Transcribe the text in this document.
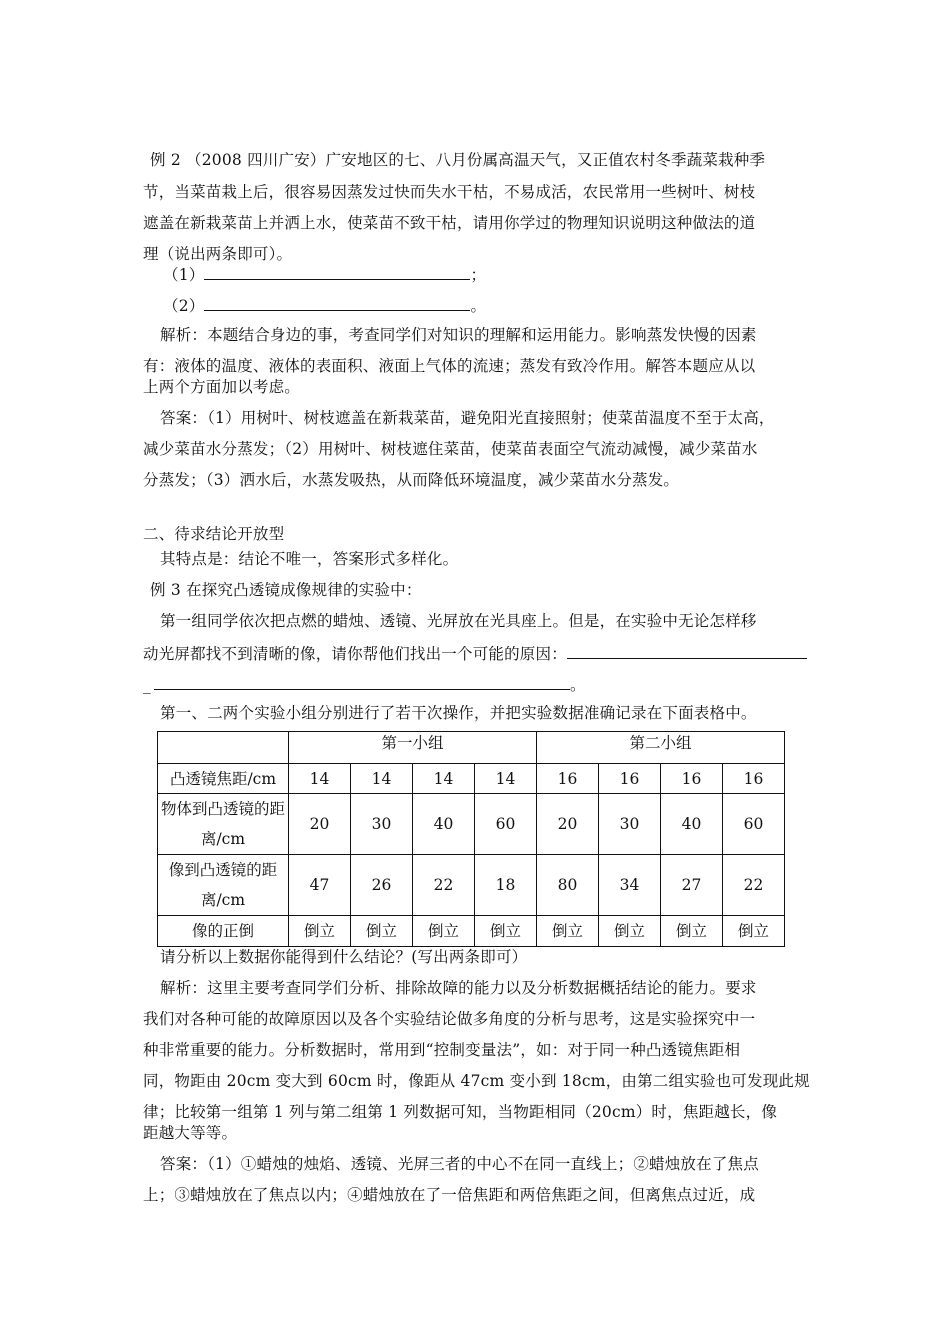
例 2 （2008 四川广安）广安地区的七、八月份属高温天气，又正值农村冬季蔬菜栽种季
节，当菜苗栽上后，很容易因蒸发过快而失水干枯，不易成活，农民常用一些树叶、树枝
遮盖在新栽菜苗上并洒上水，使菜苗不致干枯，请用你学过的物理知识说明这种做法的道
理（说出两条即可）。
（1）	；
（2）	。
解析：本题结合身边的事，考查同学们对知识的理解和运用能力。影响蒸发快慢的因素
有：液体的温度、液体的表面积、液面上气体的流速；蒸发有致冷作用。解答本题应从以
上两个方面加以考虑。
答案：（1）用树叶、树枝遮盖在新栽菜苗，避免阳光直接照射；使菜苗温度不至于太高，
减少菜苗水分蒸发；（2）用树叶、树枝遮住菜苗，使菜苗表面空气流动减慢，减少菜苗水
分蒸发；（3）洒水后，水蒸发吸热，从而降低环境温度，减少菜苗水分蒸发。
二、待求结论开放型
其特点是：结论不唯一，答案形式多样化。
例 3 在探究凸透镜成像规律的实验中：
第一组同学依次把点燃的蜡烛、透镜、光屏放在光具座上。但是，在实验中无论怎样移
动光屏都找不到清晰的像，请你帮他们找出一个可能的原因：
_	。
第一、二两个实验小组分别进行了若干次操作，并把实验数据准确记录在下面表格中。
	第一小组				第二小组			
凸透镜焦距/cm	14	14	14	14	16	16	16	16
物体到凸透镜的距离/cm	20	30	40	60	20	30	40	60
像到凸透镜的距离/cm	47	26	22	18	80	34	27	22
像的正倒	倒立	倒立	倒立	倒立	倒立	倒立	倒立	倒立
请分析以上数据你能得到什么结论？(写出两条即可）
解析：这里主要考查同学们分析、排除故障的能力以及分析数据概括结论的能力。要求
我们对各种可能的故障原因以及各个实验结论做多角度的分析与思考，这是实验探究中一
种非常重要的能力。分析数据时，常用到“控制变量法”，如：对于同一种凸透镜焦距相
同，物距由 20cm 变大到 60cm 时，像距从 47cm 变小到 18cm，由第二组实验也可发现此规
律；比较第一组第 1 列与第二组第 1 列数据可知，当物距相同（20cm）时，焦距越长，像
距越大等等。
答案：（1）①蜡烛的烛焰、透镜、光屏三者的中心不在同一直线上；②蜡烛放在了焦点
上；③蜡烛放在了焦点以内；④蜡烛放在了一倍焦距和两倍焦距之间，但离焦点过近，成
